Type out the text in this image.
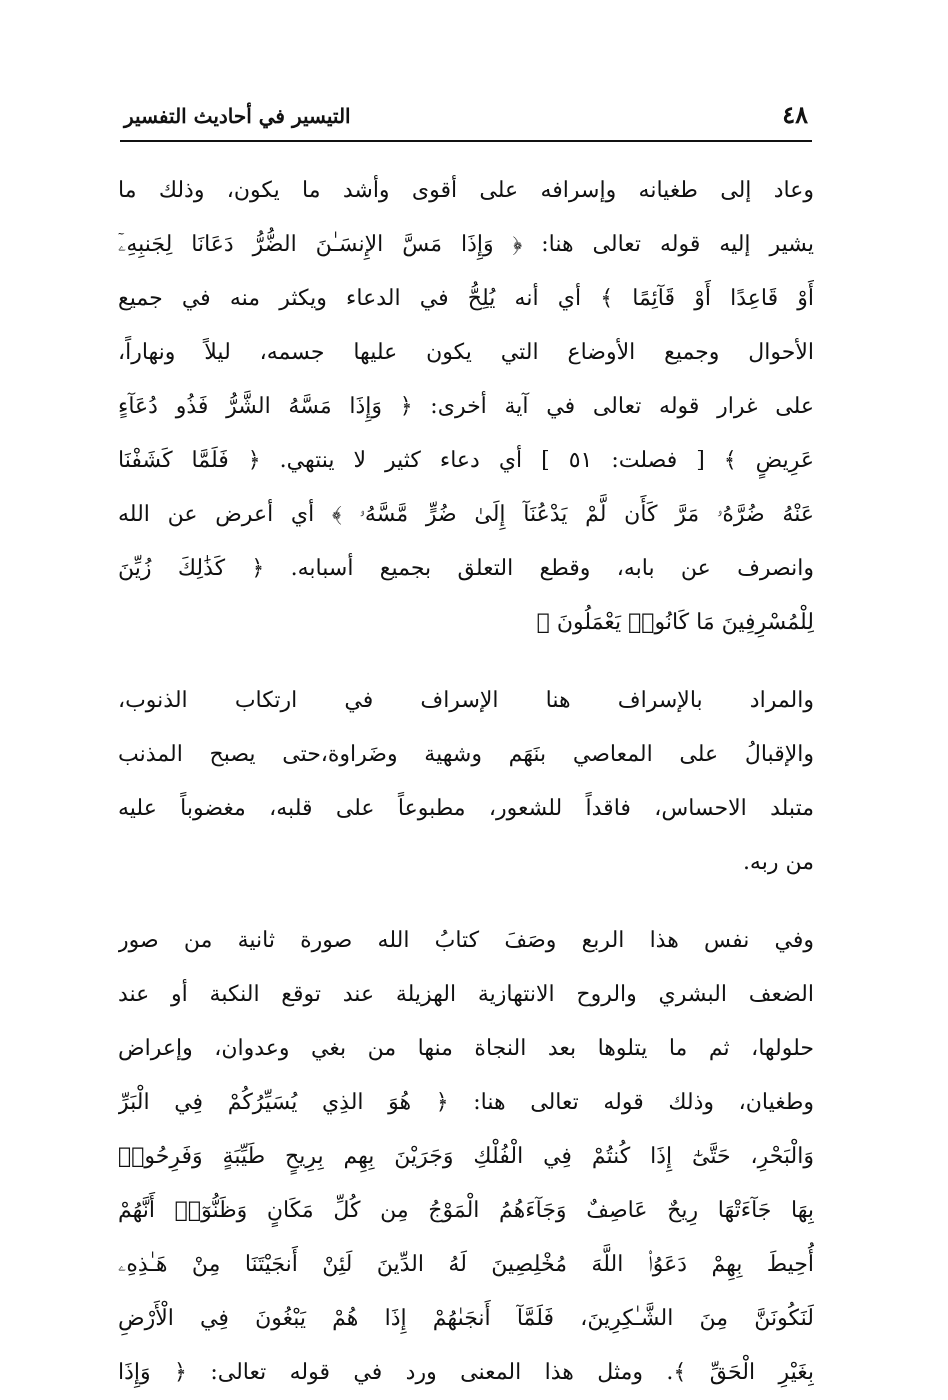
٤٨
التيسير في أحاديث التفسير
وعاد إلى طغيانه وإسرافه على أقوى وأشد ما يكون، وذلك ما
يشير إليه قوله تعالى هنا: ﴿ وَإِذَا مَسَّ الإِنسَـٰنَ الضُّرُّ دَعَانَا لِجَنبِهِۦٓ
أَوْ قَاعِدًا أَوْ قَآئِمًا ﴾ أي أنه يُلِحُّ في الدعاء ويكثر منه في جميع
الأحوال وجميع الأوضاع التي يكون عليها جسمه، ليلاً ونهاراً،
على غرار قوله تعالى في آية أخرى: ﴿ وَإِذَا مَسَّهُ الشَّرُّ فَذُو دُعَآءٍ
عَرِيضٍ ﴾ [ فصلت: ٥١ ] أي دعاء كثير لا ينتهي. ﴿ فَلَمَّا كَشَفْنَا
عَنْهُ ضُرَّهُۥ مَرَّ كَأَن لَّمْ يَدْعُنَآ إِلَىٰ ضُرٍّ مَّسَّهُۥ ﴾ أي أعرض عن الله
وانصرف عن بابه، وقطع التعلق بجميع أسبابه. ﴿ كَذَٰلِكَ زُيِّنَ
لِلْمُسْرِفِينَ مَا كَانُوا۟ يَعْمَلُونَ ﴾
والمراد بالإسراف هنا الإسراف في ارتكاب الذنوب،
والإقبالُ على المعاصي بنَهَم وشهية وضَراوة،حتى يصبح المذنب
متبلد الاحساس، فاقداً للشعور، مطبوعاً على قلبه، مغضوباً عليه
من ربه.
وفي نفس هذا الربع وصَفَ كتابُ الله صورة ثانية من صور
الضعف البشري والروح الانتهازية الهزيلة عند توقع النكبة أو عند
حلولها، ثم ما يتلوها بعد النجاة منها من بغي وعدوان، وإعراض
وطغيان، وذلك قوله تعالى هنا: ﴿ هُوَ الذِي يُسَيِّرُكُمْ فِي الْبَرِّ
وَالْبَحْرِ، حَتَّىٰٓ إِذَا كُنتُمْ فِي الْفُلْكِ وَجَرَيْنَ بِهِم بِرِيحٍ طَيِّبَةٍ وَفَرِحُوا۟
بِهَا جَآءَتْهَا رِيحٌ عَاصِفٌ وَجَآءَهُمُ الْمَوْجُ مِن كُلِّ مَكَانٍ وَظَنُّوٓا۟ أَنَّهُمْ
أُحِيطَ بِهِمْ دَعَوُا۟ اللَّهَ مُخْلِصِينَ لَهُ الدِّينَ لَئِنْ أَنجَيْتَنَا مِنْ هَـٰذِهِۦ
لَنَكُونَنَّ مِنَ الشَّـٰكِرِينَ، فَلَمَّآ أَنجَىٰهُمْ إِذَا هُمْ يَبْغُونَ فِي الْأَرْضِ
بِغَيْرِ الْحَقِّ ﴾. ومثل هذا المعنى ورد في قوله تعالى: ﴿ وَإِذَا
